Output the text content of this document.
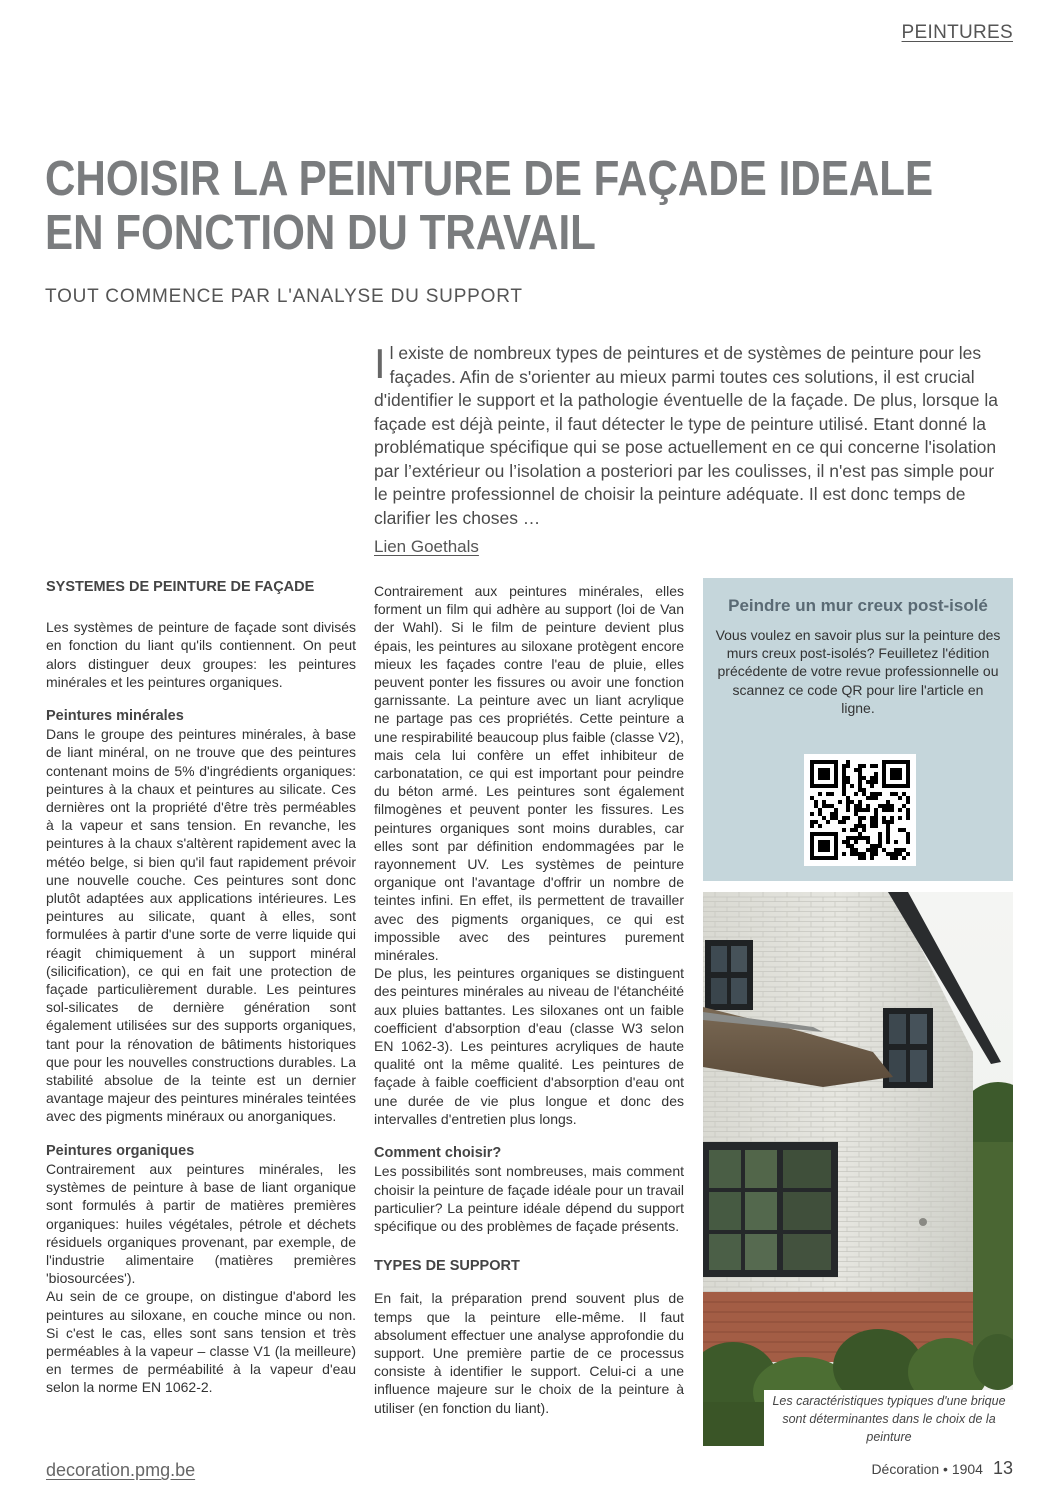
PEINTURES
CHOISIR LA PEINTURE DE FAÇADE IDEALE
EN FONCTION DU TRAVAIL
TOUT COMMENCE PAR L'ANALYSE DU SUPPORT
Il existe de nombreux types de peintures et de systèmes de peinture pour les façades. Afin de s'orienter au mieux parmi toutes ces solutions, il est crucial d'identifier le support et la pathologie éventuelle de la façade. De plus, lorsque la façade est déjà peinte, il faut détecter le type de peinture utilisé. Etant donné la problématique spécifique qui se pose actuellement en ce qui concerne l'isolation par l’extérieur ou l’isolation a posteriori par les coulisses, il n'est pas simple pour le peintre professionnel de choisir la peinture adéquate. Il est donc temps de clarifier les choses …
Lien Goethals
SYSTEMES DE PEINTURE DE FAÇADE

Les systèmes de peinture de façade sont divisés en fonction du liant qu'ils contiennent. On peut alors distinguer deux groupes: les peintures minérales et les peintures organiques.

Peintures minérales

Dans le groupe des peintures minérales, à base de liant minéral, on ne trouve que des peintures contenant moins de 5% d'ingrédients organiques: peintures à la chaux et peintures au silicate. Ces dernières ont la propriété d'être très perméables à la vapeur et sans tension. En revanche, les peintures à la chaux s'altèrent rapidement avec la météo belge, si bien qu'il faut rapidement prévoir une nouvelle couche. Ces peintures sont donc plutôt adaptées aux applications intérieures. Les peintures au silicate, quant à elles, sont formulées à partir d'une sorte de verre liquide qui réagit chimiquement à un support minéral (silicification), ce qui en fait une protection de façade particulièrement durable. Les peintures sol-silicates de dernière génération sont également utilisées sur des supports organiques, tant pour la rénovation de bâtiments historiques que pour les nouvelles constructions durables. La stabilité absolue de la teinte est un dernier avantage majeur des peintures minérales teintées avec des pigments minéraux ou anorganiques.

Peintures organiques

Contrairement aux peintures minérales, les systèmes de peinture à base de liant organique sont formulés à partir de matières premières organiques: huiles végétales, pétrole et déchets résiduels organiques provenant, par exemple, de l'industrie alimentaire (matières premières 'biosourcées').

Au sein de ce groupe, on distingue d'abord les peintures au siloxane, en couche mince ou non. Si c'est le cas, elles sont sans tension et très perméables à la vapeur – classe V1 (la meilleure) en termes de perméabilité à la vapeur d'eau selon la norme EN 1062-2.

Contrairement aux peintures minérales, elles forment un film qui adhère au support (loi de Van der Wahl). Si le film de peinture devient plus épais, les peintures au siloxane protègent encore mieux les façades contre l'eau de pluie, elles peuvent ponter les fissures ou avoir une fonction garnissante. La peinture avec un liant acrylique ne partage pas ces propriétés. Cette peinture a une respirabilité beaucoup plus faible (classe V2), mais cela lui confère un effet inhibiteur de carbonatation, ce qui est important pour peindre du béton armé. Les peintures sont également filmogènes et peuvent ponter les fissures. Les peintures organiques sont moins durables, car elles sont par définition endommagées par le rayonnement UV. Les systèmes de peinture organique ont l'avantage d'offrir un nombre de teintes infini. En effet, ils permettent de travailler avec des pigments organiques, ce qui est impossible avec des peintures purement minérales.

De plus, les peintures organiques se distinguent des peintures minérales au niveau de l'étanchéité aux pluies battantes. Les siloxanes ont un faible coefficient d'absorption d'eau (classe W3 selon EN 1062-3). Les peintures acryliques de haute qualité ont la même qualité. Les peintures de façade à faible coefficient d'absorption d'eau ont une durée de vie plus longue et donc des intervalles d'entretien plus longs.

Comment choisir?

Les possibilités sont nombreuses, mais comment choisir la peinture de façade idéale pour un travail particulier? La peinture idéale dépend du support spécifique ou des problèmes de façade présents.

TYPES DE SUPPORT

En fait, la préparation prend souvent plus de temps que la peinture elle-même. Il faut absolument effectuer une analyse approfondie du support. Une première partie de ce processus consiste à identifier le support. Celui-ci a une influence majeure sur le choix de la peinture à utiliser (en fonction du liant).

Peindre un mur creux post-isolé
Vous voulez en savoir plus sur la peinture des murs creux post-isolés? Feuilletez l'édition précédente de votre revue professionnelle ou scannez ce code QR pour lire l'article en ligne.
Les caractéristiques typiques d'une brique sont déterminantes dans le choix de la peinture
decoration.pmg.be	Décoration • 1904 13
